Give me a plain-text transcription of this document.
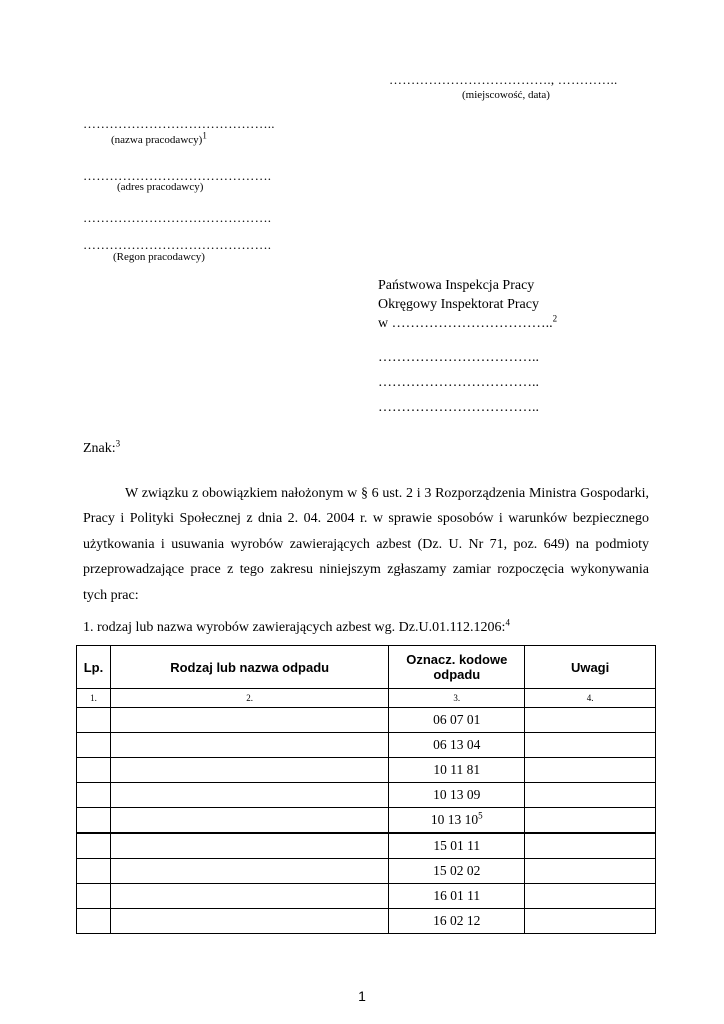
………………………………., …………..
(miejscowość, data)
……………………………………..
(nazwa pracodawcy)$^1$
…………………………………….
(adres pracodawcy)
…………………………………….
…………………………………….
(Regon pracodawcy)
Państwowa Inspekcja Pracy
Okręgowy Inspektorat Pracy
w ……………………………..$^2$
……………………………..
……………………………..
……………………………..
Znak:$^3$

W związku z obowiązkiem nałożonym w § 6 ust. 2 i 3 Rozporządzenia Ministra Gospodarki, Pracy i Polityki Społecznej z dnia 2. 04. 2004 r. w sprawie sposobów i warunków bezpiecznego użytkowania i usuwania wyrobów zawierających azbest (Dz. U. Nr 71, poz. 649) na podmioty przeprowadzające prace z tego zakresu niniejszym zgłaszamy zamiar rozpoczęcia wykonywania tych prac:

1. rodzaj lub nazwa wyrobów zawierających azbest wg. Dz.U.01.112.1206:$^4$
Lp.	Rodzaj lub nazwa odpadu	Oznacz. kodowe odpadu	Uwagi
1.	2.	3.	4.
		06 07 01	
		06 13 04	
		10 11 81	
		10 13 09	
		10 13 $10^5$	
		15 01 11	
		15 02 02	
		16 01 11	
		16 02 12	
1
